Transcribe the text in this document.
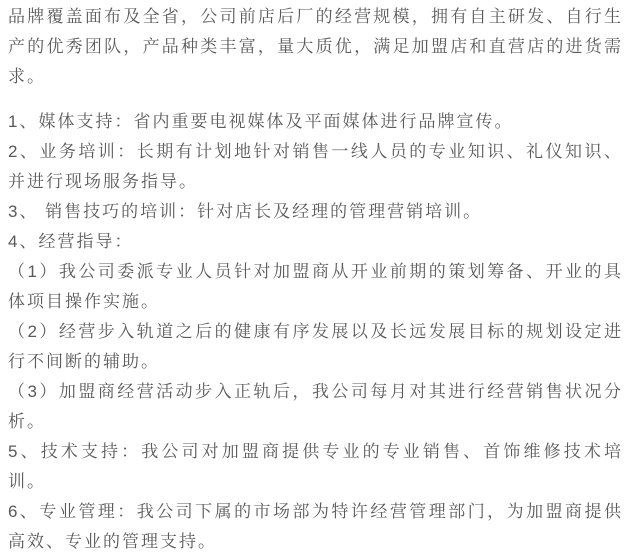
品牌覆盖面布及全省，公司前店后厂的经营规模，拥有自主研发、自行生产的优秀团队，产品种类丰富，量大质优，满足加盟店和直营店的进货需求。

1、媒体支持：省内重要电视媒体及平面媒体进行品牌宣传。

2、业务培训：长期有计划地针对销售一线人员的专业知识、礼仪知识、并进行现场服务指导。

3、 销售技巧的培训：针对店长及经理的管理营销培训。

4、经营指导：

（1）我公司委派专业人员针对加盟商从开业前期的策划筹备、开业的具体项目操作实施。

（2）经营步入轨道之后的健康有序发展以及长远发展目标的规划设定进行不间断的辅助。

（3）加盟商经营活动步入正轨后，我公司每月对其进行经营销售状况分析。

5、技术支持：我公司对加盟商提供专业的专业销售、首饰维修技术培训。

6、专业管理：我公司下属的市场部为特许经营管理部门，为加盟商提供高效、专业的管理支持。
